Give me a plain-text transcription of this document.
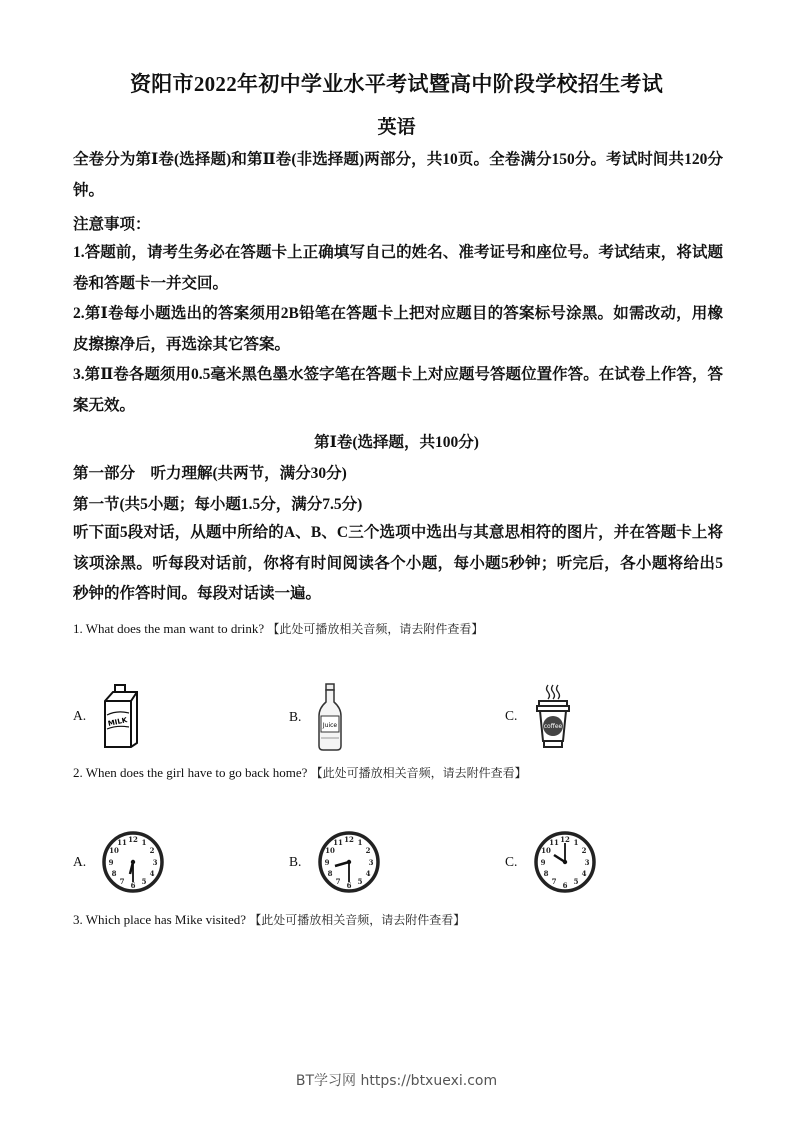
资阳市2022年初中学业水平考试暨高中阶段学校招生考试
英语
全卷分为第Ⅰ卷(选择题)和第Ⅱ卷(非选择题)两部分，共10页。全卷满分150分。考试时间共120分钟。
注意事项：
1.答题前，请考生务必在答题卡上正确填写自己的姓名、准考证号和座位号。考试结束，将试题卷和答题卡一并交回。
2.第Ⅰ卷每小题选出的答案须用2B铅笔在答题卡上把对应题目的答案标号涂黑。如需改动，用橡皮擦擦净后，再选涂其它答案。
3.第Ⅱ卷各题须用0.5毫米黑色墨水签字笔在答题卡上对应题号答题位置作答。在试卷上作答，答案无效。
第Ⅰ卷(选择题，共100分)
第一部分　听力理解(共两节，满分30分)
第一节(共5小题；每小题1.5分，满分7.5分)
听下面5段对话，从题中所给的A、B、C三个选项中选出与其意思相符的图片，并在答题卡上将该项涂黑。听每段对话前，你将有时间阅读各个小题，每小题5秒钟；听完后，各小题将给出5秒钟的作答时间。每段对话读一遍。
1. What does the man want to drink? 【此处可播放相关音频，请去附件查看】
A.	MILK	B.
Juice
C.
coffee
2. When does the girl have to go back home? 【此处可播放相关音频，请去附件查看】
A.
12 1
2
3
4
5
6
7
8
9
10
11
B.
12 1
2
3
4
5
6
7
8
9
10
11
C.
12 1
2
3
4
5
6
7
8
9
10
11
3. Which place has Mike visited? 【此处可播放相关音频，请去附件查看】
BT学习网 https://btxuexi.com
